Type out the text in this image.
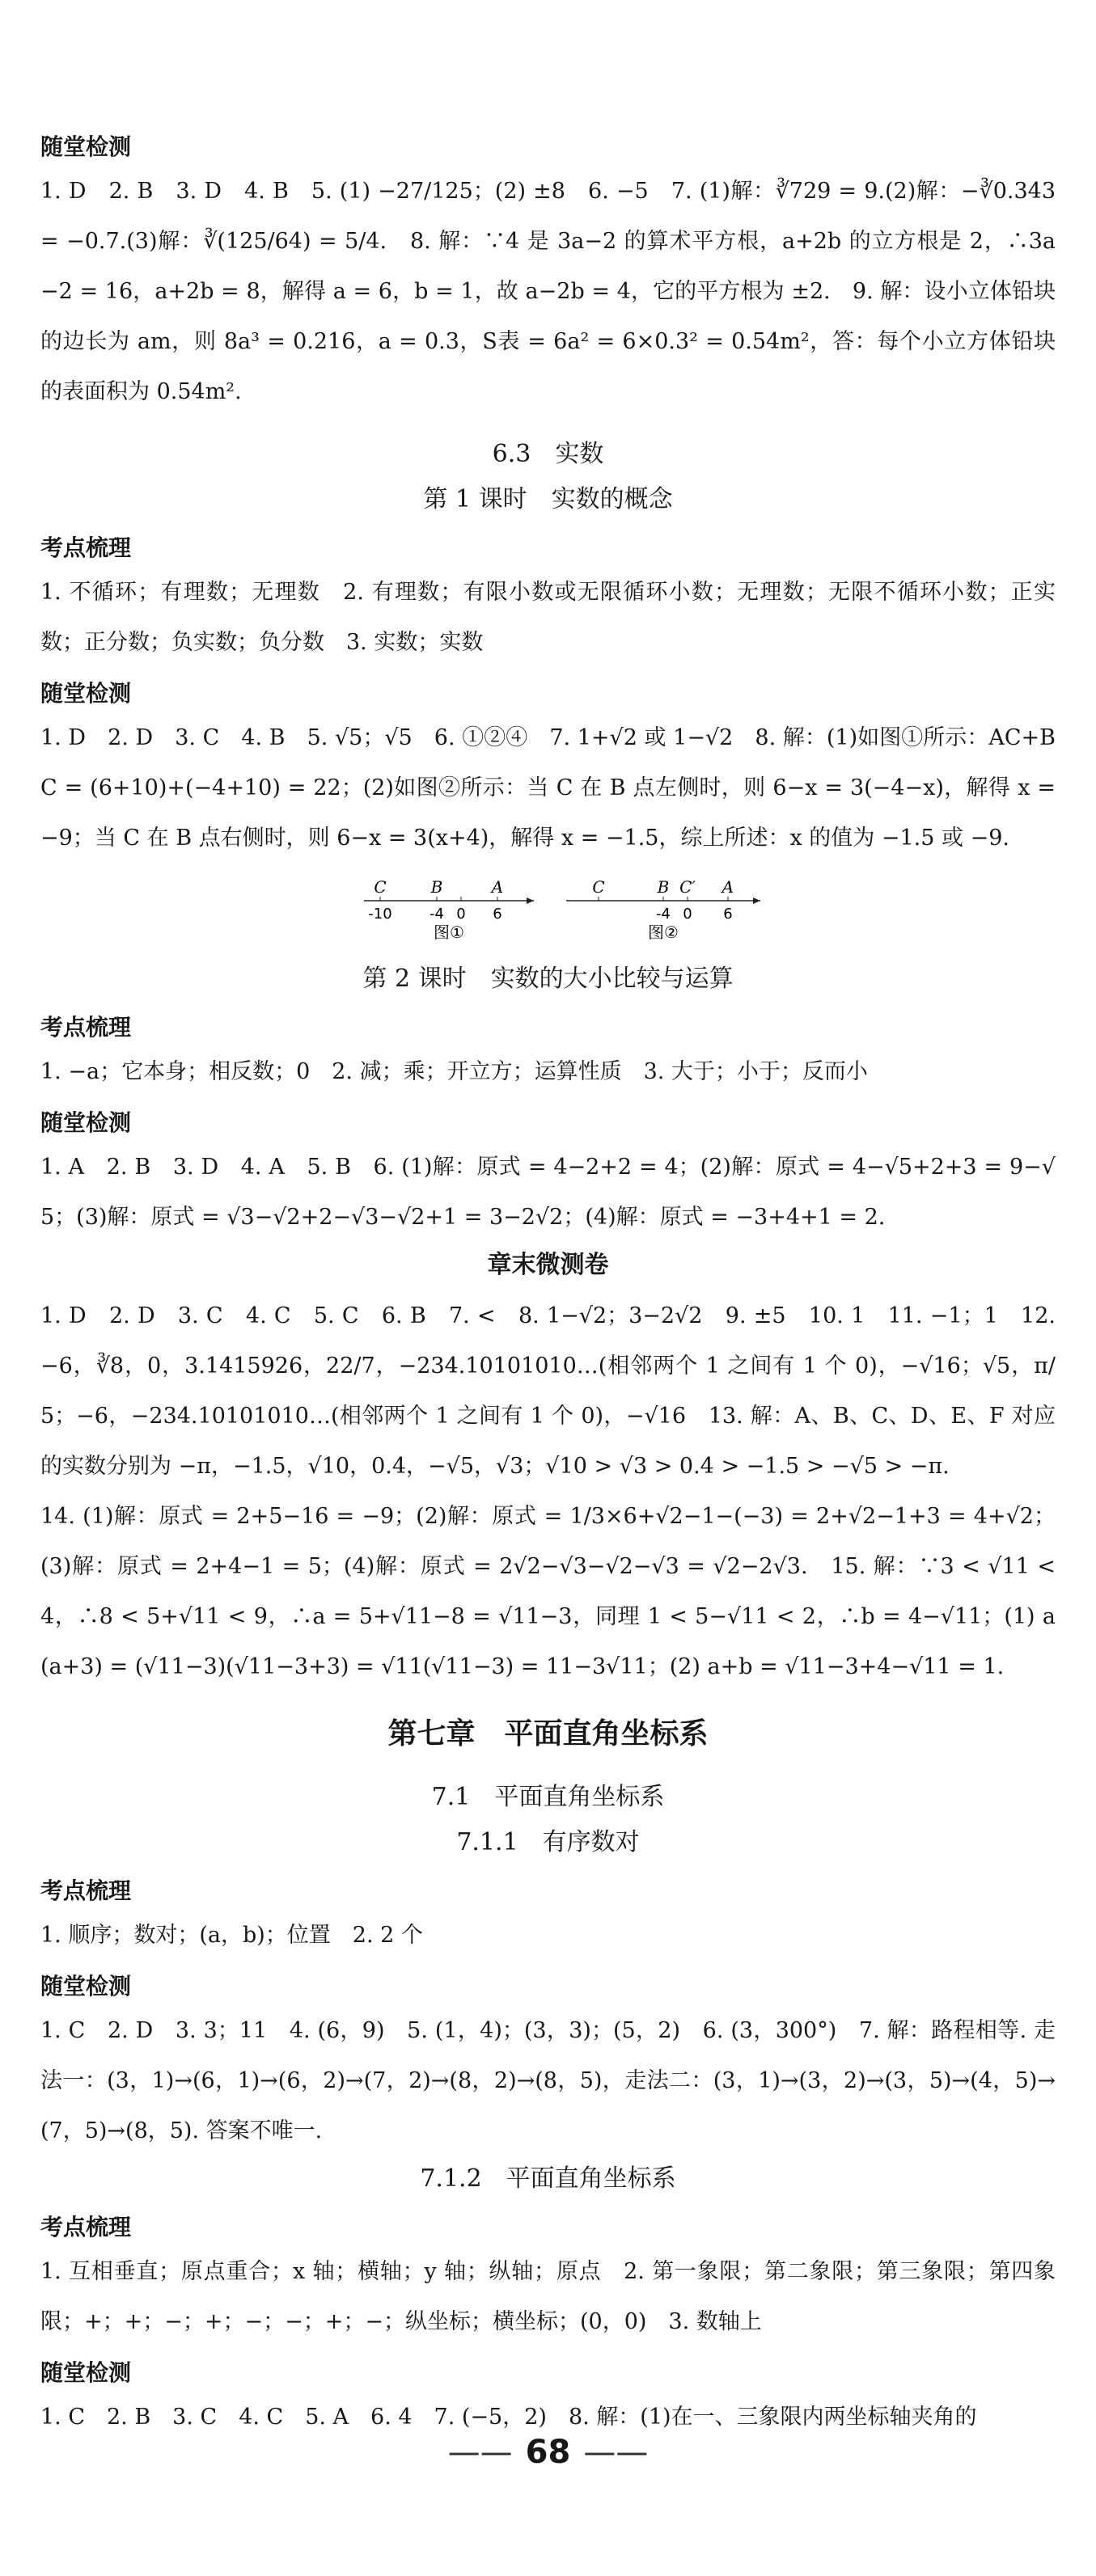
随堂检测
1. D　2. B　3. D　4. B　5. (1) −27/125；(2) ±8　6. −5　7. (1)解：∛729 = 9.(2)解：−∛0.343 = −0.7.(3)解：∛(125/64) = 5/4.　8. 解：∵4 是 3a−2 的算术平方根，a+2b 的立方根是 2，∴3a−2 = 16，a+2b = 8，解得 a = 6，b = 1，故 a−2b = 4，它的平方根为 ±2.　9. 解：设小立体铅块的边长为 am，则 8a³ = 0.216，a = 0.3，S表 = 6a² = 6×0.3² = 0.54m²，答：每个小立方体铅块的表面积为 0.54m².
6.3　实数
第 1 课时　实数的概念
考点梳理
1. 不循环；有理数；无理数　2. 有理数；有限小数或无限循环小数；无理数；无限不循环小数；正实数；正分数；负实数；负分数　3. 实数；实数
随堂检测
1. D　2. D　3. C　4. B　5. √5；√5　6. ①②④　7. 1+√2 或 1−√2　8. 解：(1)如图①所示：AC+BC = (6+10)+(−4+10) = 22；(2)如图②所示：当 C 在 B 点左侧时，则 6−x = 3(−4−x)，解得 x = −9；当 C 在 B 点右侧时，则 6−x = 3(x+4)，解得 x = −1.5，综上所述：x 的值为 −1.5 或 −9.
C
-10
B
-4 0
A
6
图①
C	B
-4
C′
0
A
6
图②
第 2 课时　实数的大小比较与运算
考点梳理
1. −a；它本身；相反数；0　2. 减；乘；开立方；运算性质　3. 大于；小于；反而小
随堂检测
1. A　2. B　3. D　4. A　5. B　6. (1)解：原式 = 4−2+2 = 4；(2)解：原式 = 4−√5+2+3 = 9−√5；(3)解：原式 = √3−√2+2−√3−√2+1 = 3−2√2；(4)解：原式 = −3+4+1 = 2.
章末微测卷
1. D　2. D　3. C　4. C　5. C　6. B　7. <　8. 1−√2；3−2√2　9. ±5　10. 1　11. −1；1　12. −6，∛8，0，3.1415926，22/7，−234.10101010…(相邻两个 1 之间有 1 个 0)，−√16；√5，π/5；−6，−234.10101010…(相邻两个 1 之间有 1 个 0)，−√16　13. 解：A、B、C、D、E、F 对应的实数分别为 −π，−1.5，√10，0.4，−√5，√3；√10 > √3 > 0.4 > −1.5 > −√5 > −π.
14. (1)解：原式 = 2+5−16 = −9；(2)解：原式 = 1/3×6+√2−1−(−3) = 2+√2−1+3 = 4+√2；(3)解：原式 = 2+4−1 = 5；(4)解：原式 = 2√2−√3−√2−√3 = √2−2√3.　15. 解：∵3 < √11 < 4，∴8 < 5+√11 < 9，∴a = 5+√11−8 = √11−3，同理 1 < 5−√11 < 2，∴b = 4−√11；(1) a(a+3) = (√11−3)(√11−3+3) = √11(√11−3) = 11−3√11；(2) a+b = √11−3+4−√11 = 1.
第七章　平面直角坐标系
7.1　平面直角坐标系
7.1.1　有序数对
考点梳理
1. 顺序；数对；(a，b)；位置　2. 2 个
随堂检测
1. C　2. D　3. 3；11　4. (6，9)　5. (1，4)；(3，3)；(5，2)　6. (3，300°)　7. 解：路程相等. 走法一：(3，1)→(6，1)→(6，2)→(7，2)→(8，2)→(8，5)，走法二：(3，1)→(3，2)→(3，5)→(4，5)→(7，5)→(8，5). 答案不唯一.
7.1.2　平面直角坐标系
考点梳理
1. 互相垂直；原点重合；x 轴；横轴；y 轴；纵轴；原点　2. 第一象限；第二象限；第三象限；第四象限；+；+；−；+；−；−；+；−；纵坐标；横坐标；(0，0)　3. 数轴上
随堂检测
1. C　2. B　3. C　4. C　5. A　6. 4　7. (−5，2)　8. 解：(1)在一、三象限内两坐标轴夹角的
—— 68 ——
